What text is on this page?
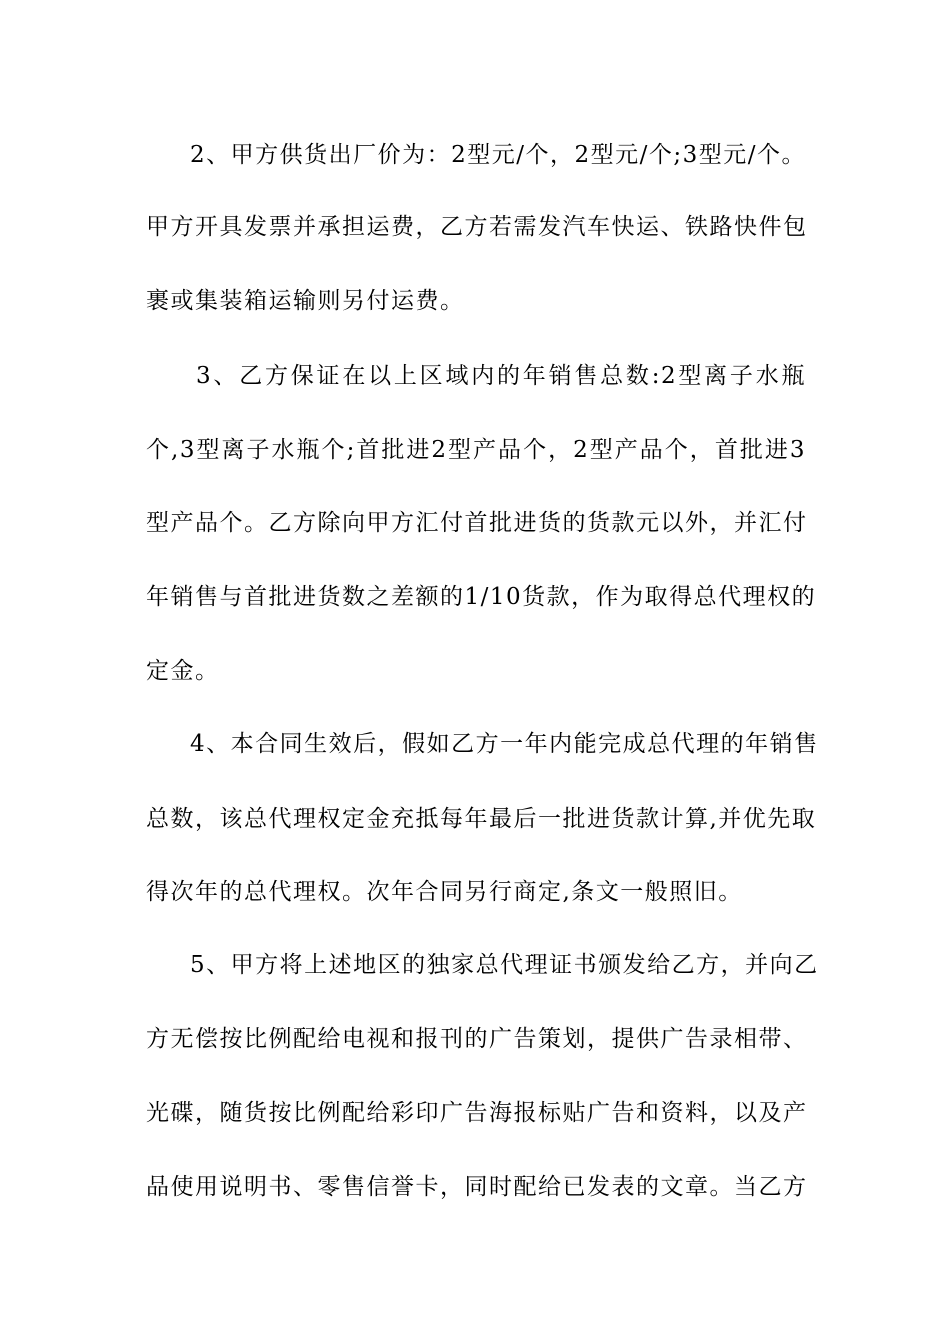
2、甲方供货出厂价为：2型元/个，2型元/个;3型元/个。
甲方开具发票并承担运费，乙方若需发汽车快运、铁路快件包
裹或集装箱运输则另付运费。
3、乙方保证在以上区域内的年销售总数:2型离子水瓶
个,3型离子水瓶个;首批进2型产品个，2型产品个，首批进3
型产品个。乙方除向甲方汇付首批进货的货款元以外，并汇付
年销售与首批进货数之差额的1/10货款，作为取得总代理权的
定金。
4、本合同生效后，假如乙方一年内能完成总代理的年销售
总数，该总代理权定金充抵每年最后一批进货款计算,并优先取
得次年的总代理权。次年合同另行商定,条文一般照旧。
5、甲方将上述地区的独家总代理证书颁发给乙方，并向乙
方无偿按比例配给电视和报刊的广告策划，提供广告录相带、
光碟，随货按比例配给彩印广告海报标贴广告和资料，以及产
品使用说明书、零售信誉卡，同时配给已发表的文章。当乙方
